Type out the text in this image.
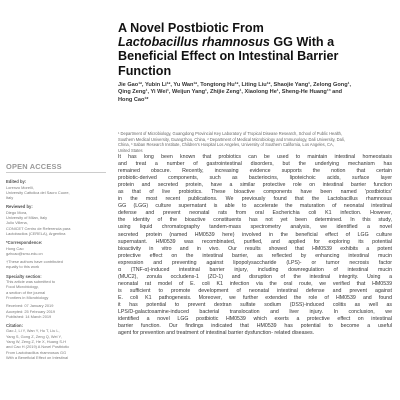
A Novel Postbiotic From
Lactobacillus rhamnosus GG With a
Beneficial Effect on Intestinal Barrier
Function
Jie Gao¹², Yubin Li¹², Yu Wan¹², Tongtong Hu¹², Liting Liu¹², Shaojie Yang¹, Zelong Gong¹,
Qing Zeng¹, Yi Wei¹, Weijun Yang¹, Zhijie Zeng¹, Xiaolong He¹, Sheng-He Huang¹³ and
Hong Cao¹*
¹ Department of Microbiology, Guangdong Provincial Key Laboratory of Tropical Disease Research, School of Public Health,
Southern Medical University, Guangzhou, China, ² Department of Medical Microbiology and Immunology, Dali University, Dali,
China, ³ Saban Research Institute, Children's Hospital Los Angeles, University of Southern California, Los Angeles, CA,
United States
OPEN ACCESS
Edited by:
Lorenzo Morelli,
University Cattolica del Sacro Cuore,
Italy
Reviewed by:
Diego Mora,
University of Milan, Italy
Julio Villena,
CONICET Centro de Referencia para
Lactobacilos (CERELA), Argentina
*Correspondence:
Hong Cao
gzhcao@smu.edu.cn
†These authors have contributed
equally to this work
Specialty section:
This article was submitted to
Food Microbiology,
a section of the journal
Frontiers in Microbiology
Received: 07 January 2019
Accepted: 25 February 2019
Published: 14 March 2019
Citation:
Gao J, Li Y, Wan Y, Hu T, Liu L,
Yang S, Gong Z, Zeng Q, Wei Y,
Yang W, Zeng Z, He X, Huang S-H
and Cao H (2019) A Novel Postbiotic
From Lactobacillus rhamnosus GG
With a Beneficial Effect on Intestinal
It has long been known that probiotics can be used to maintain intestinal homeostasis
and treat a number of gastrointestinal disorders, but the underlying mechanism has
remained obscure. Recently, increasing evidence supports the notion that certain
probiotic-derived components, such as bacteriocins, lipoteichoic acids, surface layer
protein and secreted protein, have a similar protective role on intestinal barrier function
as that of live probiotics. These bioactive components have been named 'postbiotics'
in the most recent publications. We previously found that the Lactobacillus rhamnosus
GG (LGG) culture supernatant is able to accelerate the maturation of neonatal intestinal
defense and prevent neonatal rats from oral Escherichia coli K1 infection. However,
the identity of the bioactive constituents has not yet been determined. In this study,
using liquid chromatography tandem-mass spectrometry analysis, we identified a novel
secreted protein (named HM0539 here) involved in the beneficial effect of LGG culture
supernatant. HM0539 was recombinated, purified, and applied for exploring its potential
bioactivity in vitro and in vivo. Our results showed that HM0539 exhibits a potent
protective effect on the intestinal barrier, as reflected by enhancing intestinal mucin
expression and preventing against lipopolysaccharide (LPS)- or tumor necrosis factor
α (TNF-α)-induced intestinal barrier injury, including downregulation of intestinal mucin
(MUC2), zonula occludens-1 (ZO-1) and disruption of the intestinal integrity. Using a
neonatal rat model of E. coli K1 infection via the oral route, we verified that HM0539
is sufficient to promote development of neonatal intestinal defense and prevent against
E. coli K1 pathogenesis. Moreover, we further extended the role of HM0539 and found
it has potential to prevent dextran sulfate sodium (DSS)-induced colitis as well as
LPS/D-galactosamine-induced bacterial translocation and liver injury. In conclusion, we
identified a novel LGG postbiotic HM0539 which exerts a protective effect on intestinal
barrier function. Our findings indicated that HM0539 has potential to become a useful
agent for prevention and treatment of intestinal barrier dysfunction- related diseases.
